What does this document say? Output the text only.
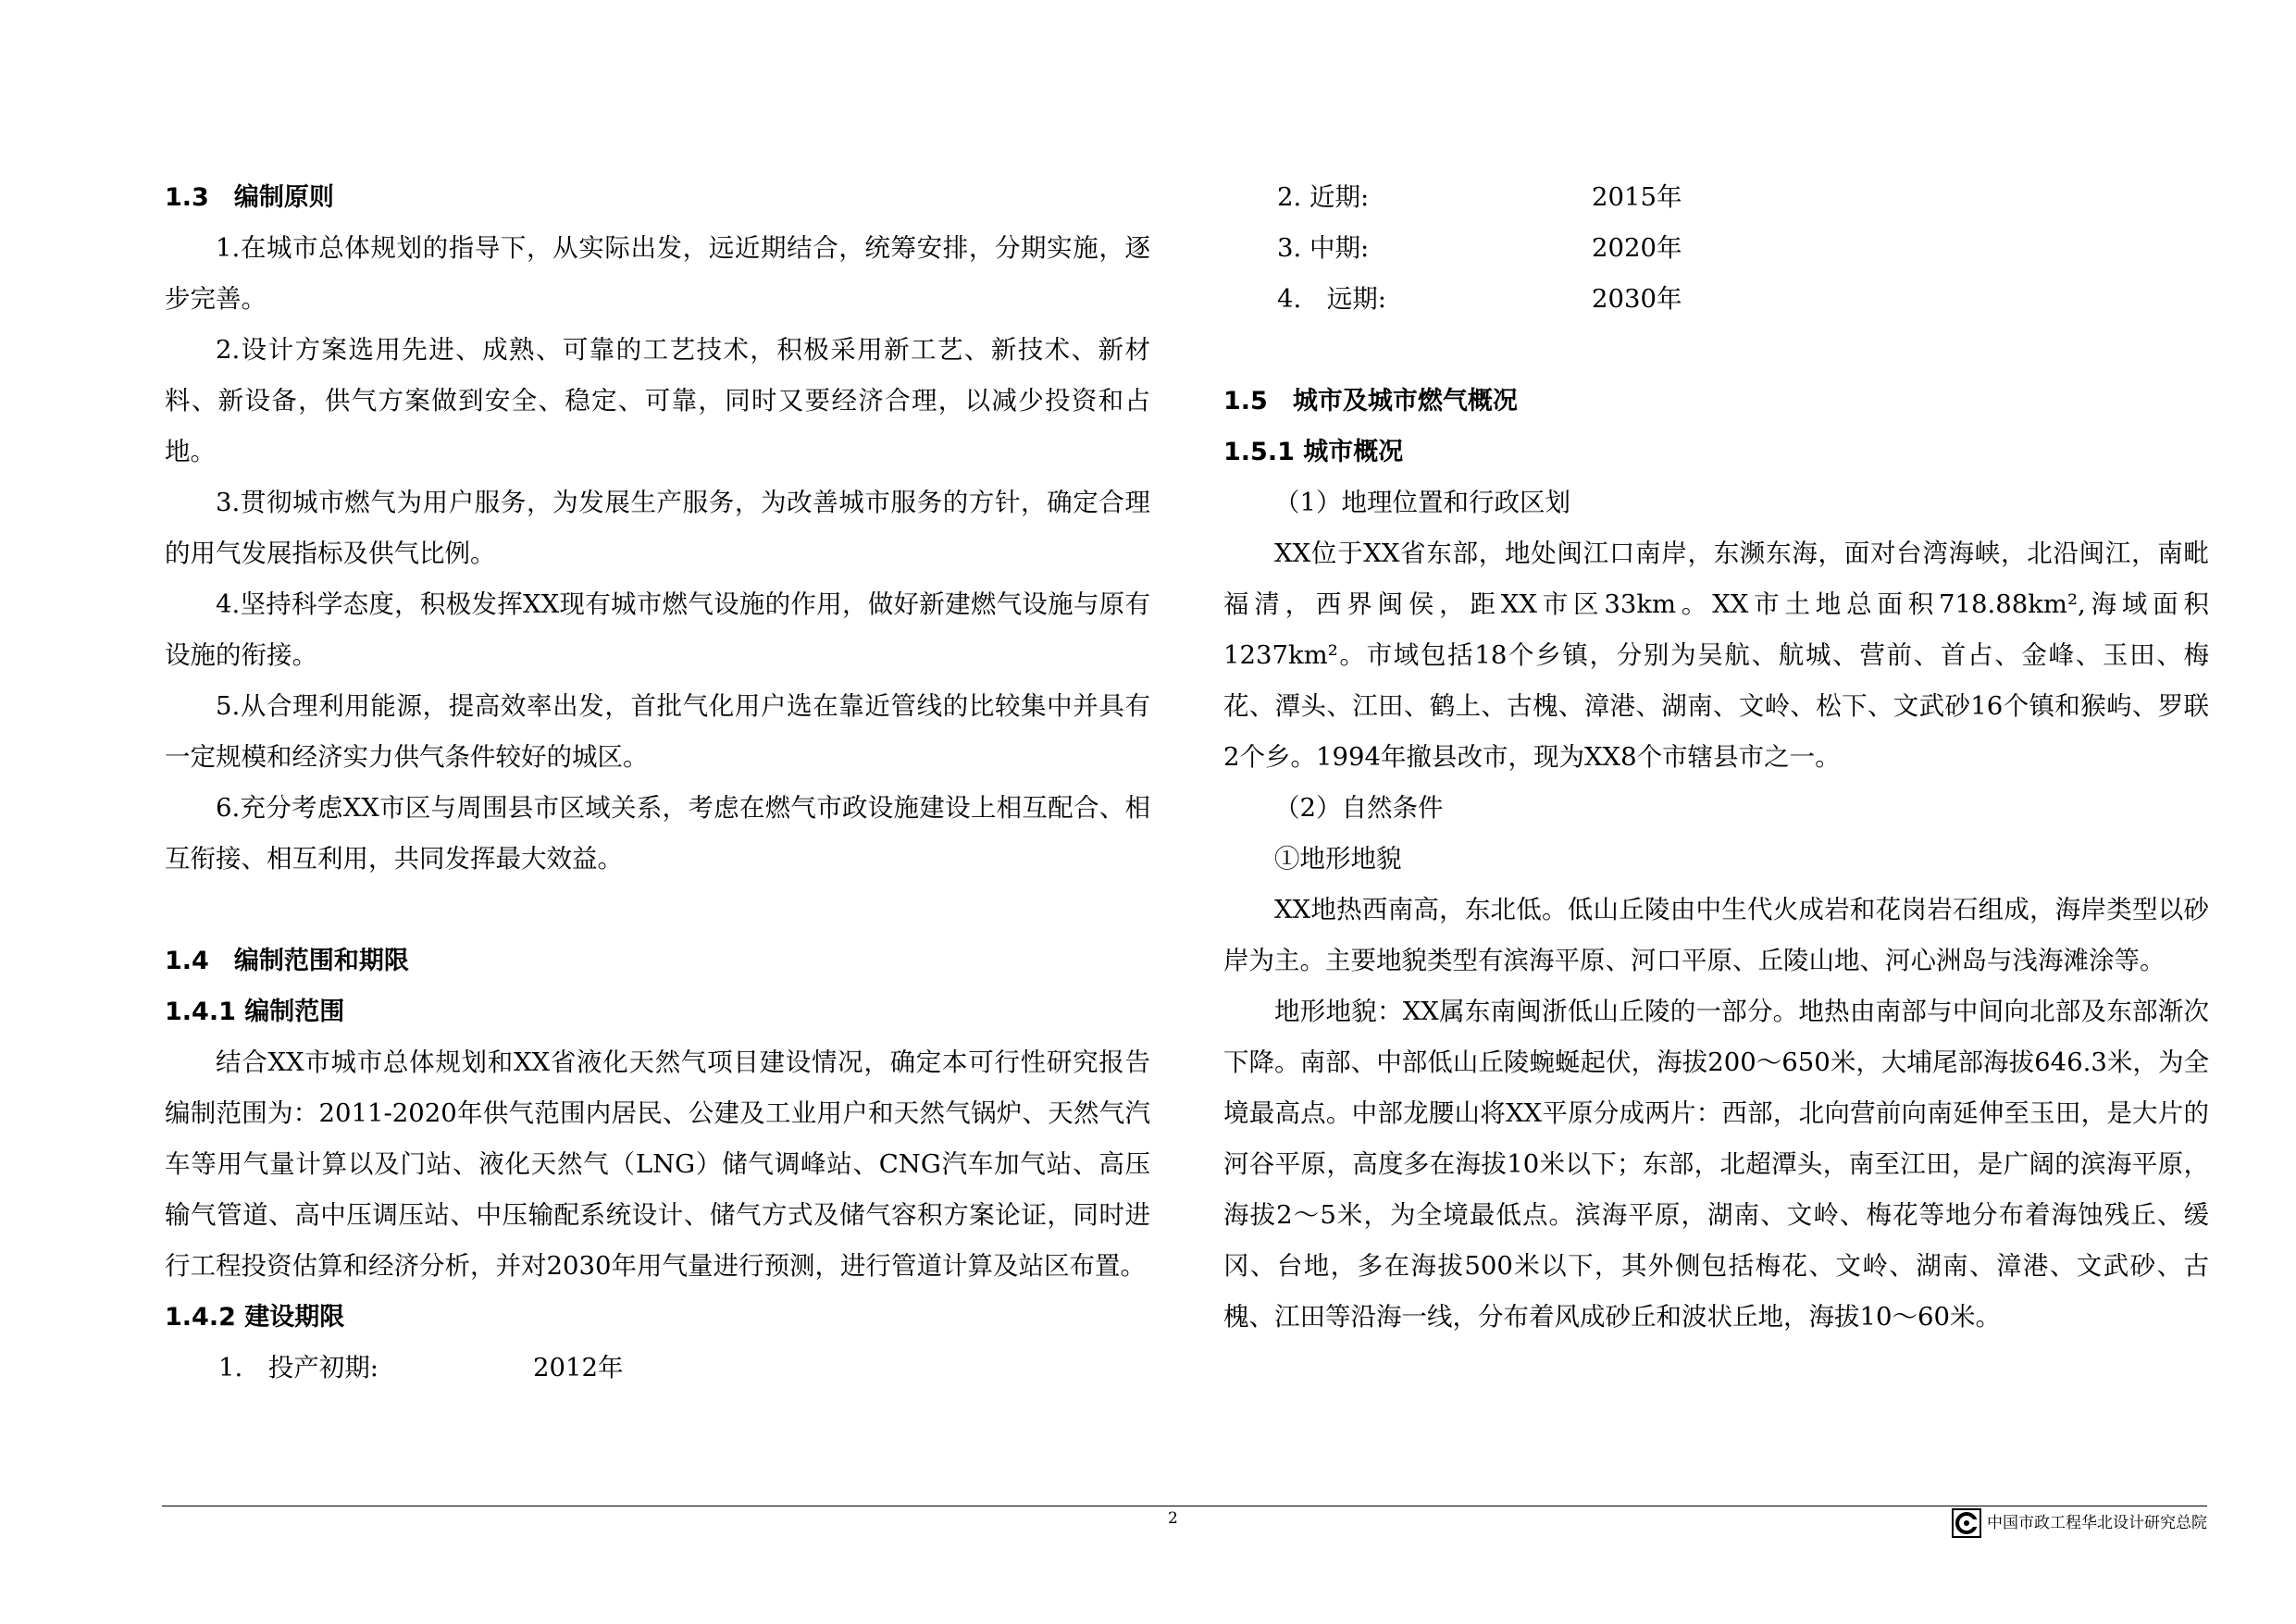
1.3　编制原则

1.在城市总体规划的指导下，从实际出发，远近期结合，统筹安排，分期实施，逐步完善。

2.设计方案选用先进、成熟、可靠的工艺技术，积极采用新工艺、新技术、新材料、新设备，供气方案做到安全、稳定、可靠，同时又要经济合理，以减少投资和占地。

3.贯彻城市燃气为用户服务，为发展生产服务，为改善城市服务的方针，确定合理的用气发展指标及供气比例。

4.坚持科学态度，积极发挥XX现有城市燃气设施的作用，做好新建燃气设施与原有设施的衔接。

5.从合理利用能源，提高效率出发，首批气化用户选在靠近管线的比较集中并具有一定规模和经济实力供气条件较好的城区。

6.充分考虑XX市区与周围县市区域关系，考虑在燃气市政设施建设上相互配合、相互衔接、相互利用，共同发挥最大效益。

1.4　编制范围和期限
1.4.1 编制范围

结合XX市城市总体规划和XX省液化天然气项目建设情况，确定本可行性研究报告编制范围为：2011-2020年供气范围内居民、公建及工业用户和天然气锅炉、天然气汽车等用气量计算以及门站、液化天然气（LNG）储气调峰站、CNG汽车加气站、高压输气管道、高中压调压站、中压输配系统设计、储气方式及储气容积方案论证，同时进行工程投资估算和经济分析，并对2030年用气量进行预测，进行管道计算及站区布置。

1.4.2 建设期限
1.　投产初期:	2012年
2. 近期:	2015年
3. 中期:	2020年
4.　远期:	2030年
1.5　城市及城市燃气概况
1.5.1 城市概况

（1）地理位置和行政区划

XX位于XX省东部，地处闽江口南岸，东濒东海，面对台湾海峡，北沿闽江，南毗福清，西界闽侯，距XX市区33km。XX市土地总面积718.88km²,海域面积1237km²。市域包括18个乡镇，分别为吴航、航城、营前、首占、金峰、玉田、梅花、潭头、江田、鹤上、古槐、漳港、湖南、文岭、松下、文武砂16个镇和猴屿、罗联2个乡。1994年撤县改市，现为XX8个市辖县市之一。

（2）自然条件

①地形地貌

XX地热西南高，东北低。低山丘陵由中生代火成岩和花岗岩石组成，海岸类型以砂岸为主。主要地貌类型有滨海平原、河口平原、丘陵山地、河心洲岛与浅海滩涂等。

地形地貌：XX属东南闽浙低山丘陵的一部分。地热由南部与中间向北部及东部渐次下降。南部、中部低山丘陵蜿蜒起伏，海拔200～650米，大埔尾部海拔646.3米，为全境最高点。中部龙腰山将XX平原分成两片：西部，北向营前向南延伸至玉田，是大片的河谷平原，高度多在海拔10米以下；东部，北超潭头，南至江田，是广阔的滨海平原，海拔2～5米，为全境最低点。滨海平原，湖南、文岭、梅花等地分布着海蚀残丘、缓冈、台地，多在海拔500米以下，其外侧包括梅花、文岭、湖南、漳港、文武砂、古槐、江田等沿海一线，分布着风成砂丘和波状丘地，海拔10～60米。

2	中国市政工程华北设计研究总院
